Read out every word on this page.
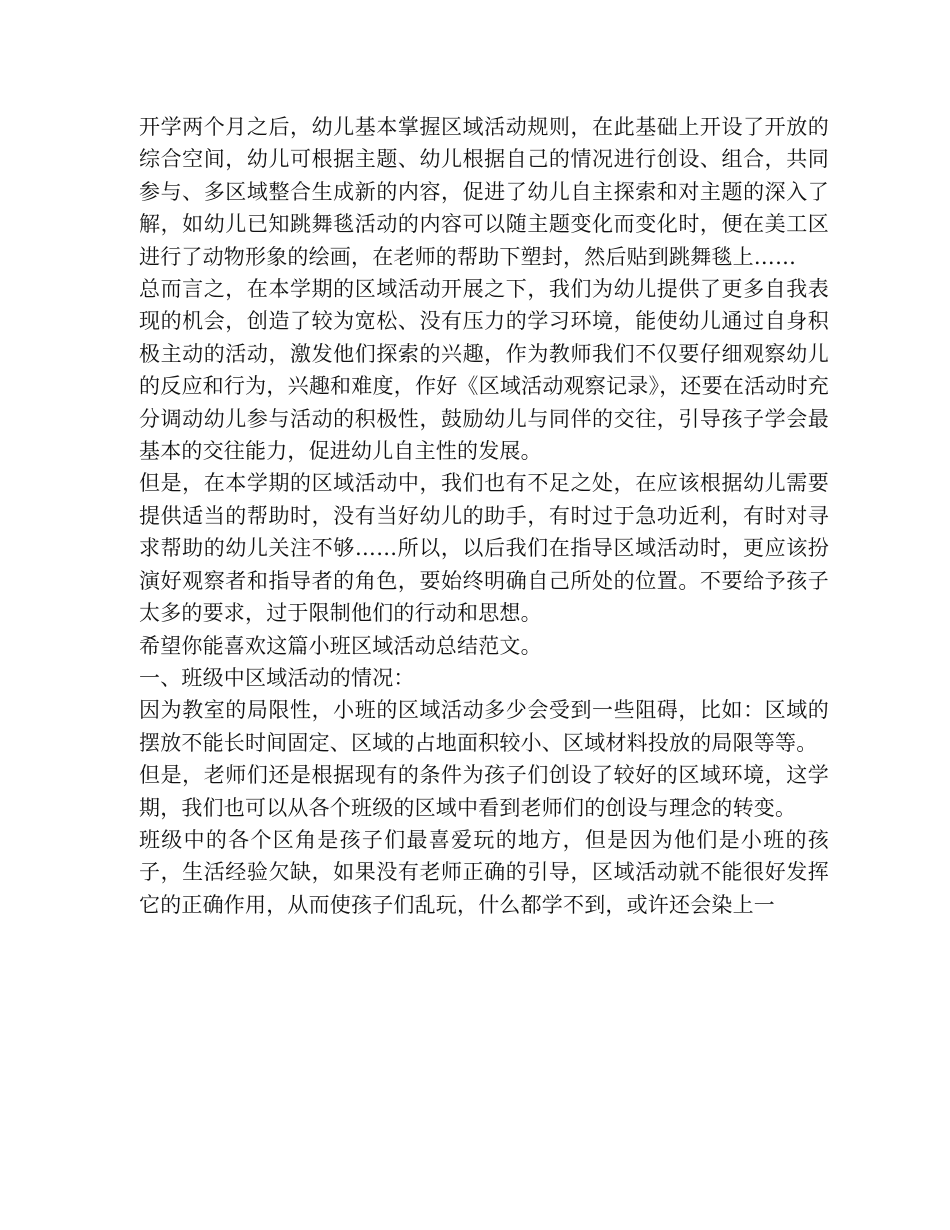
开学两个月之后，幼儿基本掌握区域活动规则，在此基础上开设了开放的综合空间，幼儿可根据主题、幼儿根据自己的情况进行创设、组合，共同参与、多区域整合生成新的内容，促进了幼儿自主探索和对主题的深入了解，如幼儿已知跳舞毯活动的内容可以随主题变化而变化时，便在美工区进行了动物形象的绘画，在老师的帮助下塑封，然后贴到跳舞毯上……

总而言之，在本学期的区域活动开展之下，我们为幼儿提供了更多自我表现的机会，创造了较为宽松、没有压力的学习环境，能使幼儿通过自身积极主动的活动，激发他们探索的兴趣，作为教师我们不仅要仔细观察幼儿的反应和行为，兴趣和难度，作好《区域活动观察记录》，还要在活动时充分调动幼儿参与活动的积极性，鼓励幼儿与同伴的交往，引导孩子学会最基本的交往能力，促进幼儿自主性的发展。

但是，在本学期的区域活动中，我们也有不足之处，在应该根据幼儿需要提供适当的帮助时，没有当好幼儿的助手，有时过于急功近利，有时对寻求帮助的幼儿关注不够……所以，以后我们在指导区域活动时，更应该扮演好观察者和指导者的角色，要始终明确自己所处的位置。不要给予孩子太多的要求，过于限制他们的行动和思想。

希望你能喜欢这篇小班区域活动总结范文。

一、班级中区域活动的情况：

因为教室的局限性，小班的区域活动多少会受到一些阻碍，比如：区域的摆放不能长时间固定、区域的占地面积较小、区域材料投放的局限等等。

但是，老师们还是根据现有的条件为孩子们创设了较好的区域环境，这学期，我们也可以从各个班级的区域中看到老师们的创设与理念的转变。

班级中的各个区角是孩子们最喜爱玩的地方，但是因为他们是小班的孩子，生活经验欠缺，如果没有老师正确的引导，区域活动就不能很好发挥它的正确作用，从而使孩子们乱玩，什么都学不到，或许还会染上一
